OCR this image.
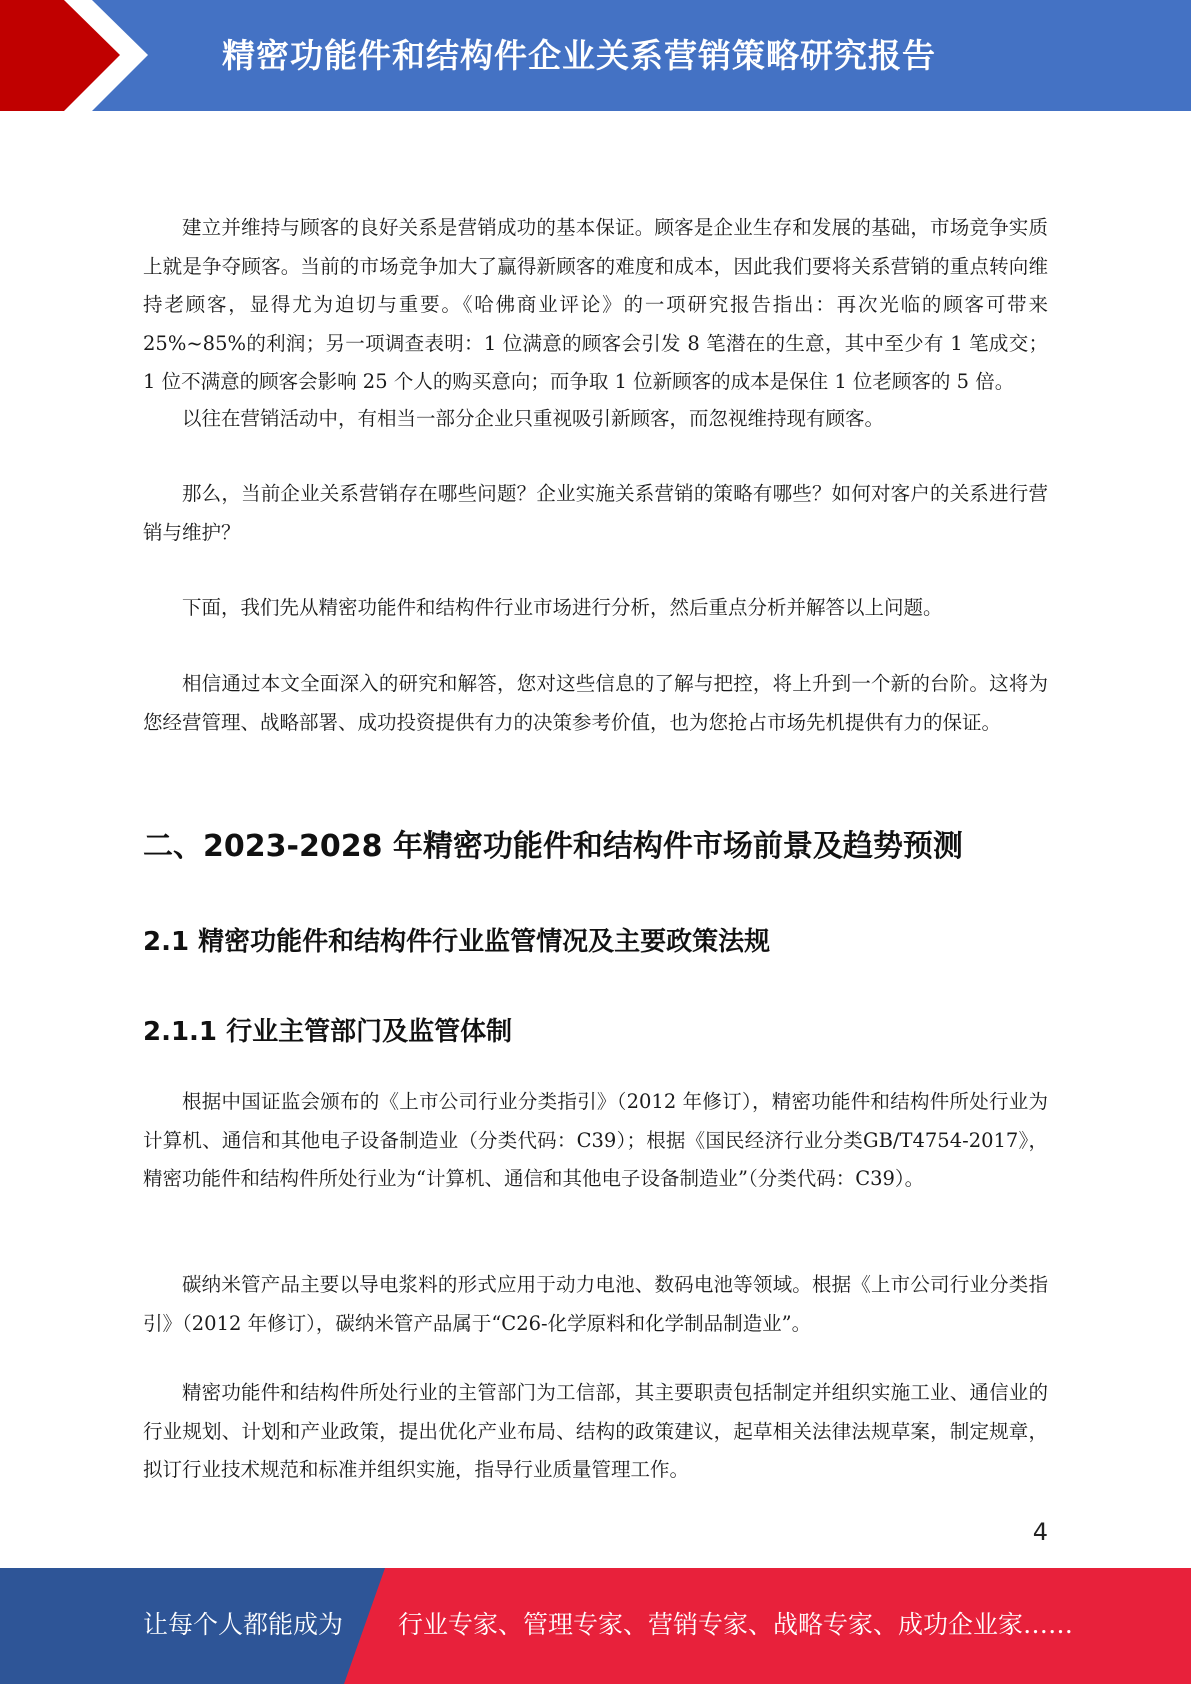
精密功能件和结构件企业关系营销策略研究报告

建立并维持与顾客的良好关系是营销成功的基本保证。顾客是企业生存和发展的基础，市场竞争实质上就是争夺顾客。当前的市场竞争加大了赢得新顾客的难度和成本，因此我们要将关系营销的重点转向维持老顾客，显得尤为迫切与重要。《哈佛商业评论》的一项研究报告指出：再次光临的顾客可带来 25%~85%的利润；另一项调查表明：1 位满意的顾客会引发 8 笔潜在的生意，其中至少有 1 笔成交；1 位不满意的顾客会影响 25 个人的购买意向；而争取 1 位新顾客的成本是保住 1 位老顾客的 5 倍。

以往在营销活动中，有相当一部分企业只重视吸引新顾客，而忽视维持现有顾客。

那么，当前企业关系营销存在哪些问题？企业实施关系营销的策略有哪些？如何对客户的关系进行营销与维护？

下面，我们先从精密功能件和结构件行业市场进行分析，然后重点分析并解答以上问题。

相信通过本文全面深入的研究和解答，您对这些信息的了解与把控，将上升到一个新的台阶。这将为您经营管理、战略部署、成功投资提供有力的决策参考价值，也为您抢占市场先机提供有力的保证。

二、2023-2028 年精密功能件和结构件市场前景及趋势预测
2.1 精密功能件和结构件行业监管情况及主要政策法规
2.1.1 行业主管部门及监管体制

根据中国证监会颁布的《上市公司行业分类指引》（2012 年修订），精密功能件和结构件所处行业为计算机、通信和其他电子设备制造业（分类代码：C39）；根据《国民经济行业分类GB/T4754-2017》，精密功能件和结构件所处行业为“计算机、通信和其他电子设备制造业”（分类代码：C39）。

碳纳米管产品主要以导电浆料的形式应用于动力电池、数码电池等领域。根据《上市公司行业分类指引》（2012 年修订），碳纳米管产品属于“C26-化学原料和化学制品制造业”。

精密功能件和结构件所处行业的主管部门为工信部，其主要职责包括制定并组织实施工业、通信业的行业规划、计划和产业政策，提出优化产业布局、结构的政策建议，起草相关法律法规草案，制定规章，拟订行业技术规范和标准并组织实施，指导行业质量管理工作。

4
让每个人都能成为 行业专家、管理专家、营销专家、战略专家、成功企业家……
